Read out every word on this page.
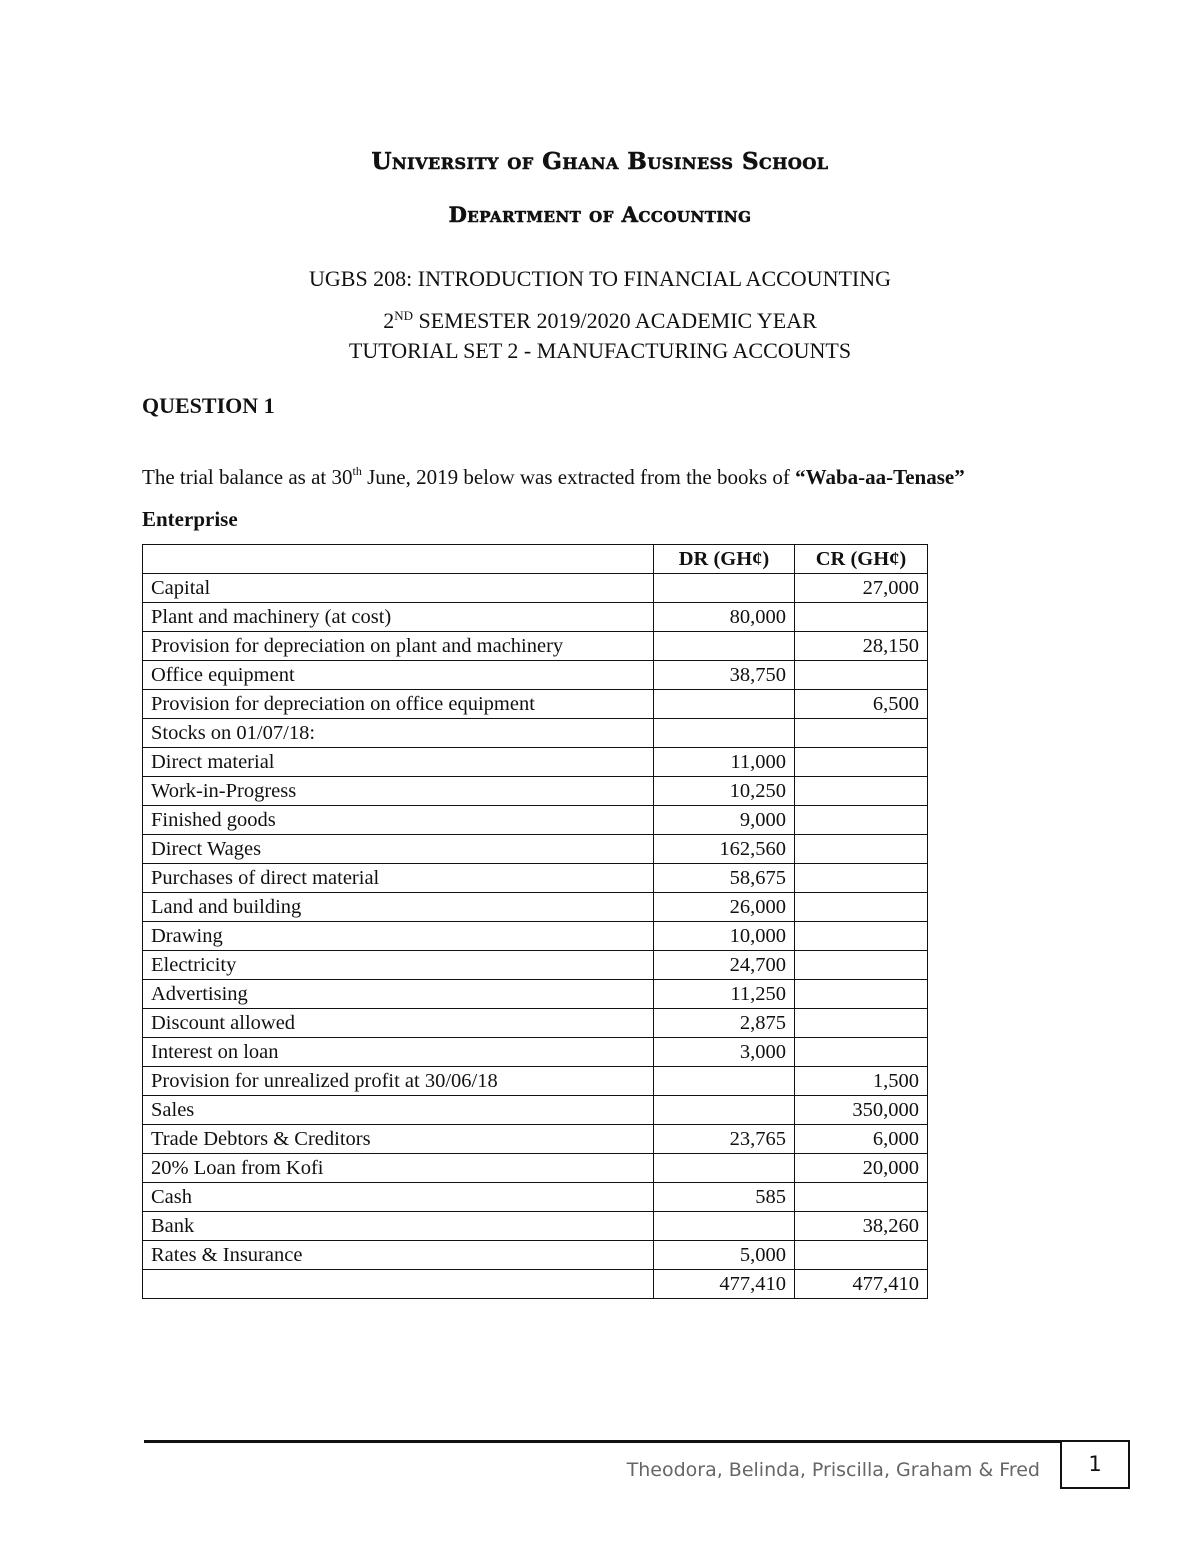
University of Ghana Business School
Department of Accounting
UGBS 208: INTRODUCTION TO FINANCIAL ACCOUNTING
2ND SEMESTER 2019/2020 ACADEMIC YEAR
TUTORIAL SET 2 - MANUFACTURING ACCOUNTS
QUESTION 1
The trial balance as at 30th June, 2019 below was extracted from the books of “Waba-aa-Tenase” Enterprise
	DR (GH¢)	CR (GH¢)
Capital		27,000
Plant and machinery (at cost)	80,000	
Provision for depreciation on plant and machinery		28,150
Office equipment	38,750	
Provision for depreciation on office equipment		6,500
Stocks on 01/07/18:		
Direct material	11,000	
Work-in-Progress	10,250	
Finished goods	9,000	
Direct Wages	162,560	
Purchases of direct material	58,675	
Land and building	26,000	
Drawing	10,000	
Electricity	24,700	
Advertising	11,250	
Discount allowed	2,875	
Interest on loan	3,000	
Provision for unrealized profit at 30/06/18		1,500
Sales		350,000
Trade Debtors & Creditors	23,765	6,000
20% Loan from Kofi		20,000
Cash	585	
Bank		38,260
Rates & Insurance	5,000	
	477,410	477,410
Theodora, Belinda, Priscilla, Graham & Fred	1
